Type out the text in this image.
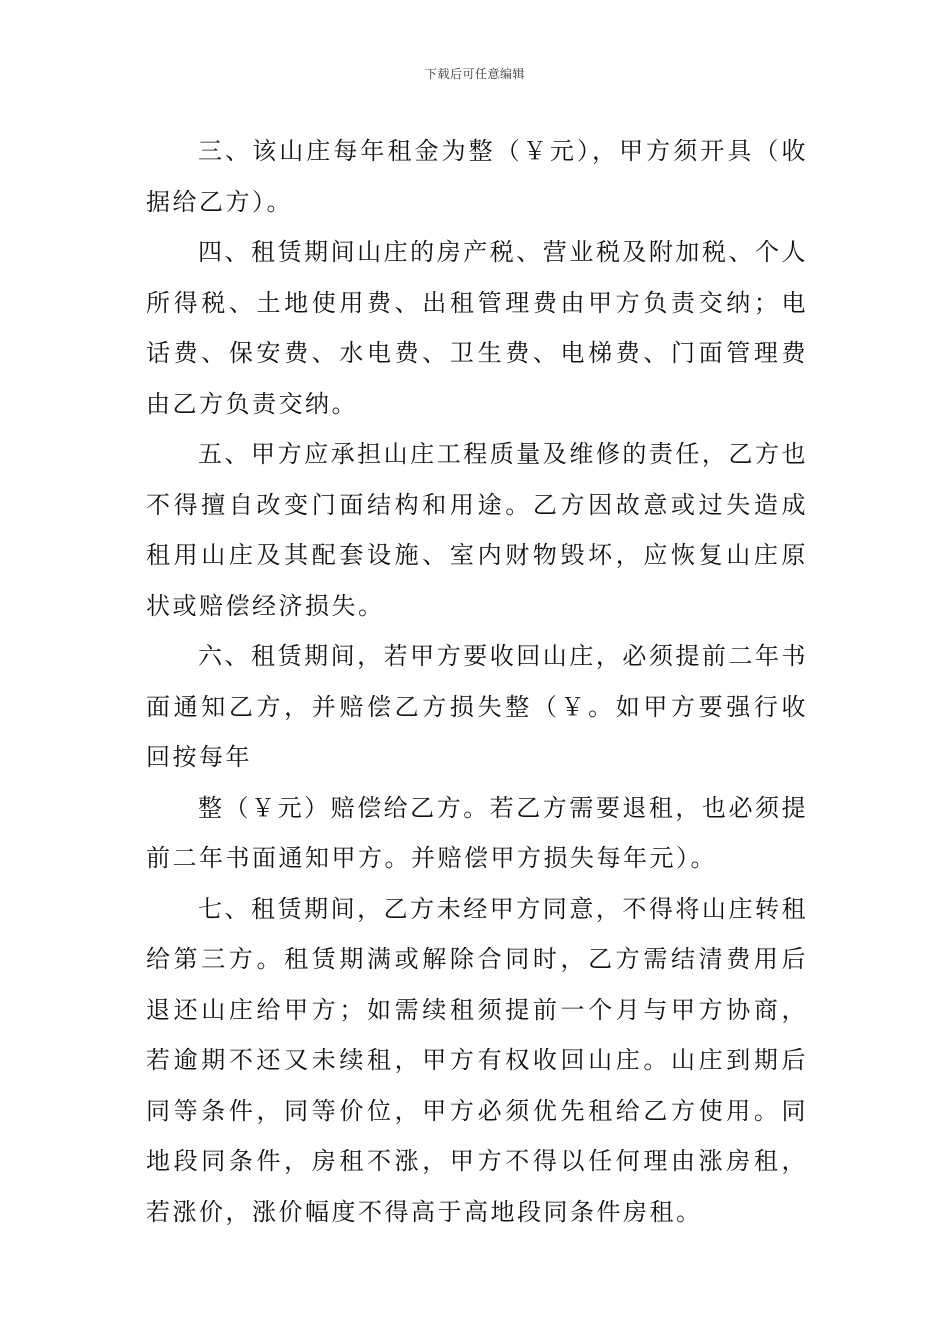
下载后可任意编辑

三、该山庄每年租金为整（￥元），甲方须开具（收据给乙方）。

四、租赁期间山庄的房产税、营业税及附加税、个人所得税、土地使用费、出租管理费由甲方负责交纳；电话费、保安费、水电费、卫生费、电梯费、门面管理费由乙方负责交纳。

五、甲方应承担山庄工程质量及维修的责任，乙方也不得擅自改变门面结构和用途。乙方因故意或过失造成租用山庄及其配套设施、室内财物毁坏，应恢复山庄原状或赔偿经济损失。

六、租赁期间，若甲方要收回山庄，必须提前二年书面通知乙方，并赔偿乙方损失整（￥。如甲方要强行收回按每年

整（￥元）赔偿给乙方。若乙方需要退租，也必须提前二年书面通知甲方。并赔偿甲方损失每年元）。

七、租赁期间，乙方未经甲方同意，不得将山庄转租给第三方。租赁期满或解除合同时，乙方需结清费用后退还山庄给甲方；如需续租须提前一个月与甲方协商，若逾期不还又未续租，甲方有权收回山庄。山庄到期后同等条件，同等价位，甲方必须优先租给乙方使用。同地段同条件，房租不涨，甲方不得以任何理由涨房租，若涨价，涨价幅度不得高于高地段同条件房租。
